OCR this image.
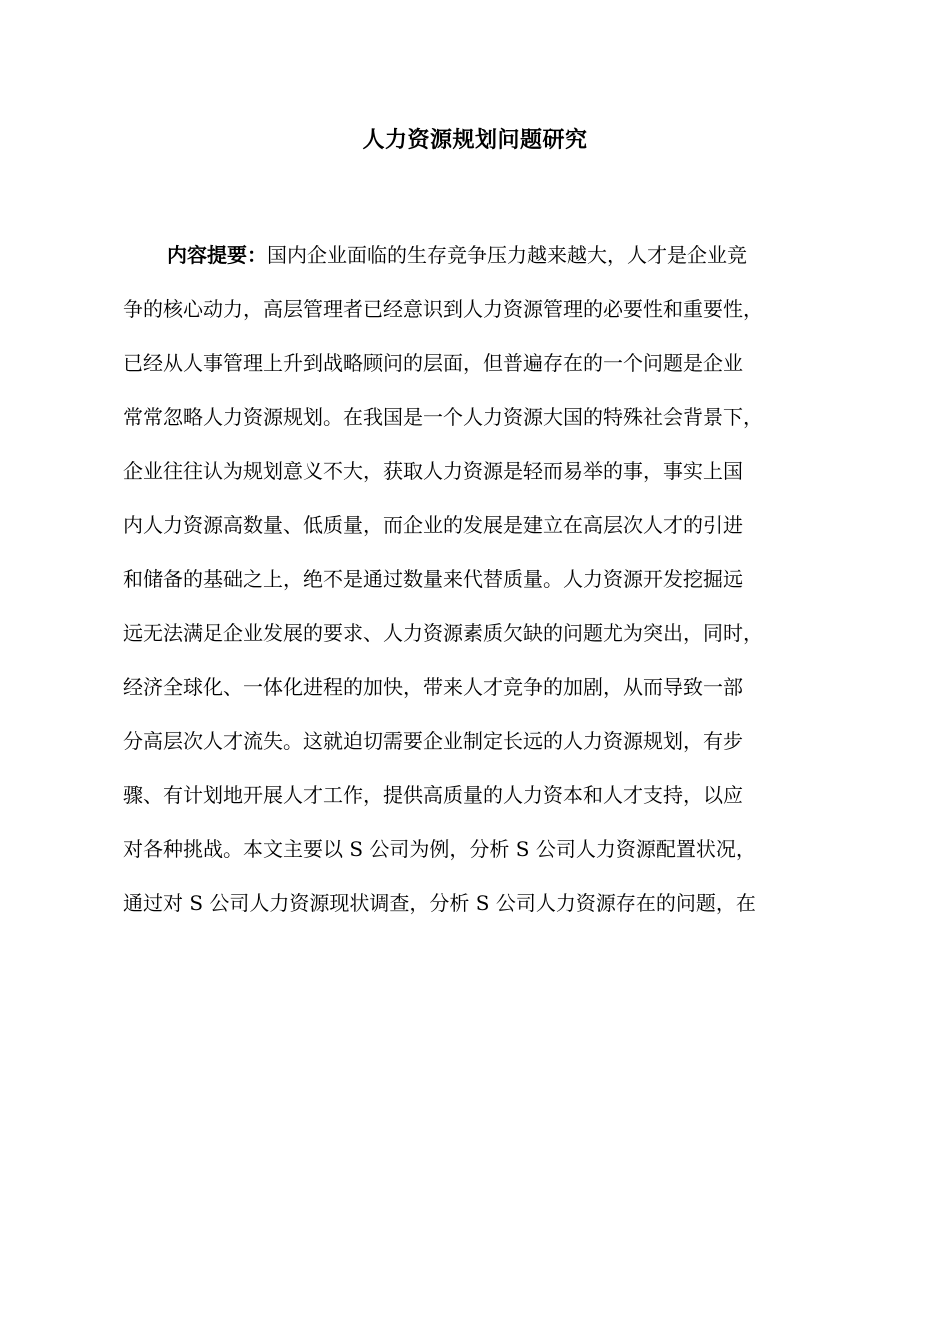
人力资源规划问题研究
内容提要：国内企业面临的生存竞争压力越来越大，人才是企业竞
争的核心动力，高层管理者已经意识到人力资源管理的必要性和重要性，
已经从人事管理上升到战略顾问的层面，但普遍存在的一个问题是企业
常常忽略人力资源规划。在我国是一个人力资源大国的特殊社会背景下，
企业往往认为规划意义不大，获取人力资源是轻而易举的事，事实上国
内人力资源高数量、低质量，而企业的发展是建立在高层次人才的引进
和储备的基础之上，绝不是通过数量来代替质量。人力资源开发挖掘远
远无法满足企业发展的要求、人力资源素质欠缺的问题尤为突出，同时，
经济全球化、一体化进程的加快，带来人才竞争的加剧，从而导致一部
分高层次人才流失。这就迫切需要企业制定长远的人力资源规划，有步
骤、有计划地开展人才工作，提供高质量的人力资本和人才支持，以应
对各种挑战。本文主要以 S 公司为例，分析 S 公司人力资源配置状况，
通过对 S 公司人力资源现状调查，分析 S 公司人力资源存在的问题，在
